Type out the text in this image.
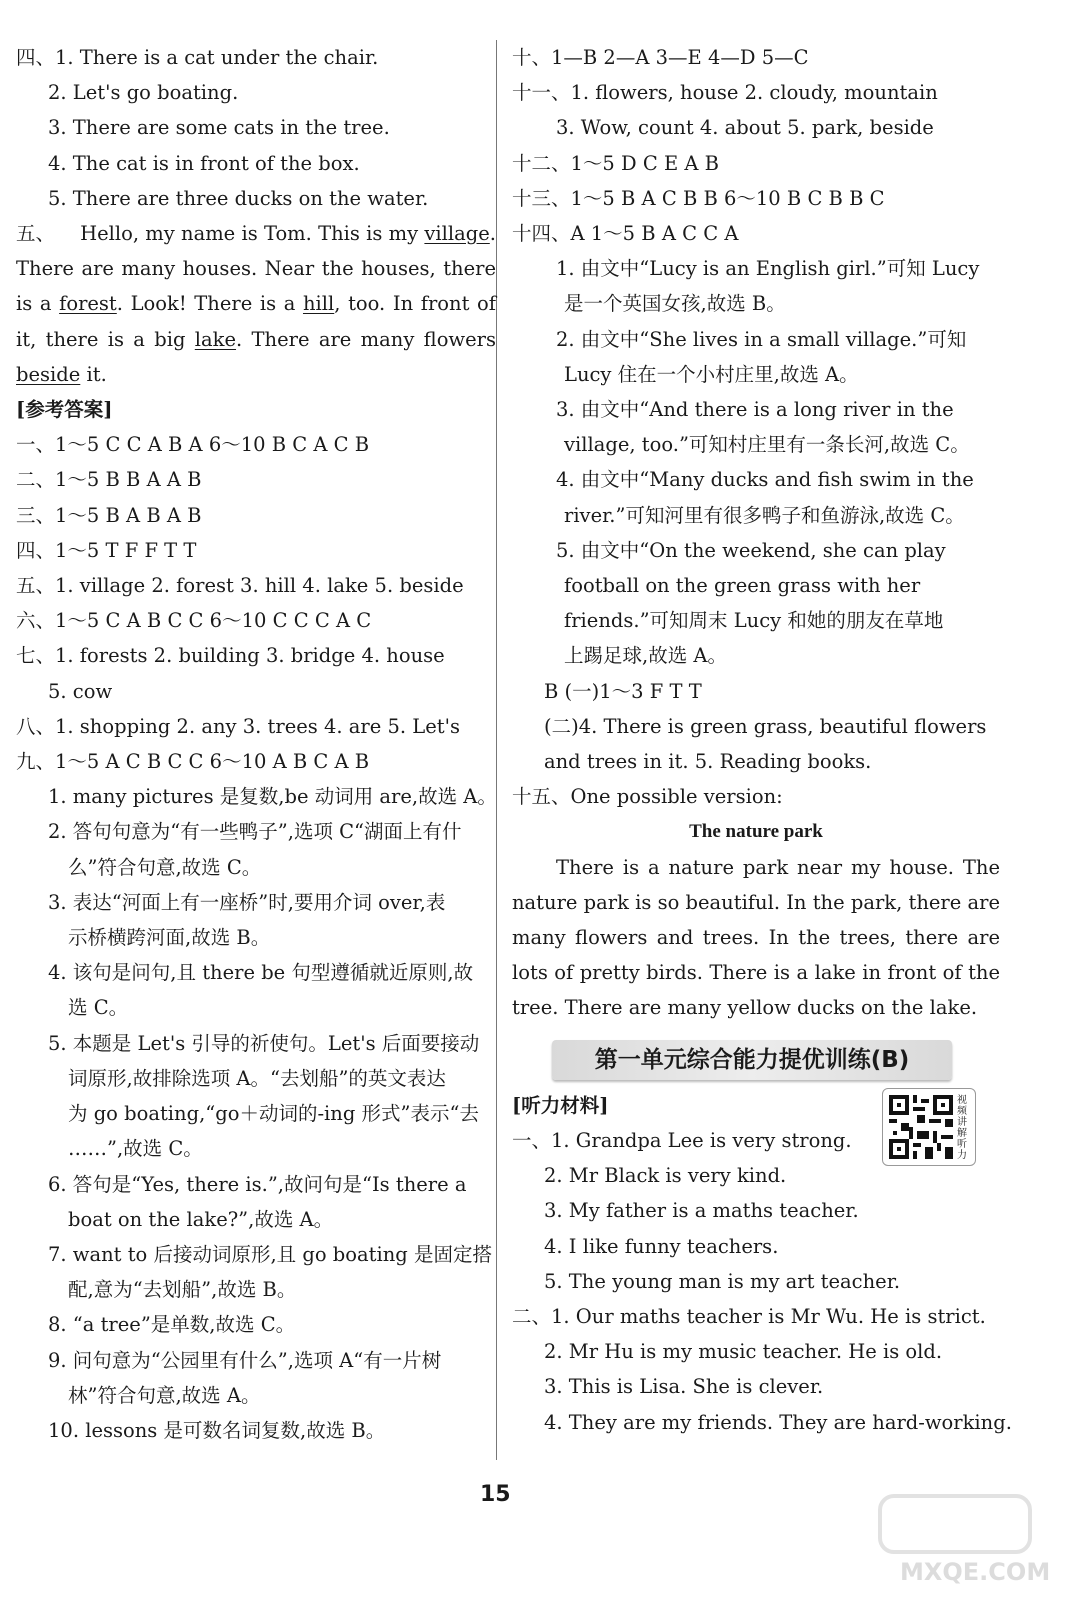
四、1. There is a cat under the chair.
2. Let's go boating.
3. There are some cats in the tree.
4. The cat is in front of the box.
5. There are three ducks on the water.
五、 Hello, my name is Tom. This is my village. There are many houses. Near the houses, there is a forest. Look! There is a hill, too. In front of it, there is a big lake. There are many flowers beside it.
[参考答案]
一、1～5 C C A B A 6～10 B C A C B
二、1～5 B B A A B
三、1～5 B A B A B
四、1～5 T F F T T
五、1. village 2. forest 3. hill 4. lake 5. beside
六、1～5 C A B C C 6～10 C C C A C
七、1. forests 2. building 3. bridge 4. house
5. cow
八、1. shopping 2. any 3. trees 4. are 5. Let's
九、1～5 A C B C C 6～10 A B C A B
1. many pictures 是复数,be 动词用 are,故选 A。
2. 答句句意为“有一些鸭子”,选项 C“湖面上有什
么”符合句意,故选 C。
3. 表达“河面上有一座桥”时,要用介词 over,表
示桥横跨河面,故选 B。
4. 该句是问句,且 there be 句型遵循就近原则,故
选 C。
5. 本题是 Let's 引导的祈使句。Let's 后面要接动
词原形,故排除选项 A。“去划船”的英文表达
为 go boating,“go＋动词的-ing 形式”表示“去
……”,故选 C。
6. 答句是“Yes, there is.”,故问句是“Is there a
boat on the lake?”,故选 A。
7. want to 后接动词原形,且 go boating 是固定搭
配,意为“去划船”,故选 B。
8. “a tree”是单数,故选 C。
9. 问句意为“公园里有什么”,选项 A“有一片树
林”符合句意,故选 A。
10. lessons 是可数名词复数,故选 B。
十、1—B 2—A 3—E 4—D 5—C
十一、1. flowers, house 2. cloudy, mountain
3. Wow, count 4. about 5. park, beside
十二、1～5 D C E A B
十三、1～5 B A C B B 6～10 B C B B C
十四、A 1～5 B A C C A
1. 由文中“Lucy is an English girl.”可知 Lucy
是一个英国女孩,故选 B。
2. 由文中“She lives in a small village.”可知
Lucy 住在一个小村庄里,故选 A。
3. 由文中“And there is a long river in the
village, too.”可知村庄里有一条长河,故选 C。
4. 由文中“Many ducks and fish swim in the
river.”可知河里有很多鸭子和鱼游泳,故选 C。
5. 由文中“On the weekend, she can play
football on the green grass with her
friends.”可知周末 Lucy 和她的朋友在草地
上踢足球,故选 A。
B (一)1～3 F T T
(二)4. There is green grass, beautiful flowers
and trees in it. 5. Reading books.
十五、One possible version:
The nature park
There is a nature park near my house. The nature park is so beautiful. In the park, there are many flowers and trees. In the trees, there are lots of pretty birds. There is a lake in front of the tree. There are many yellow ducks on the lake.
第一单元综合能力提优训练(B)
[听力材料]	视频讲解听力
一、1. Grandpa Lee is very strong.
2. Mr Black is very kind.
3. My father is a maths teacher.
4. I like funny teachers.
5. The young man is my art teacher.
二、1. Our maths teacher is Mr Wu. He is strict.
2. Mr Hu is my music teacher. He is old.
3. This is Lisa. She is clever.
4. They are my friends. They are hard-working.
15
MXQE.COM
